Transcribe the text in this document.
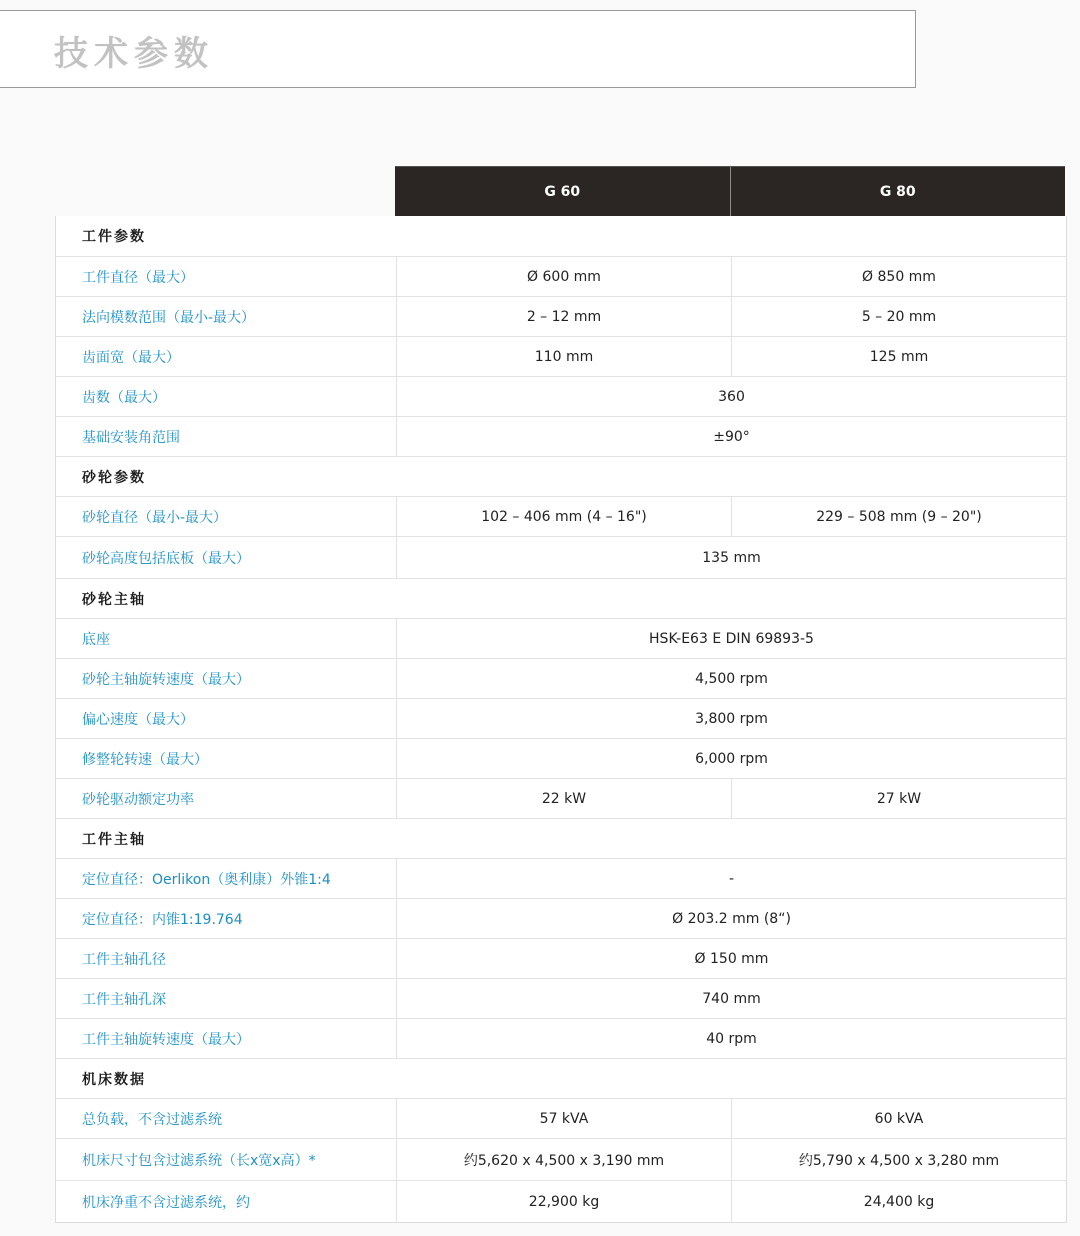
技术参数
G 60	G 80
工件参数
工件直径（最大）	Ø 600 mm	Ø 850 mm
法向模数范围（最小-最大）	2 – 12 mm	5 – 20 mm
齿面宽（最大）	110 mm	125 mm
齿数（最大）	360
基础安装角范围	±90°
砂轮参数
砂轮直径（最小-最大）	102 – 406 mm (4 – 16")	229 – 508 mm (9 – 20")
砂轮高度包括底板（最大）	135 mm
砂轮主轴
底座	HSK-E63 E DIN 69893-5
砂轮主轴旋转速度（最大）	4,500 rpm
偏心速度（最大）	3,800 rpm
修整轮转速（最大）	6,000 rpm
砂轮驱动额定功率	22 kW	27 kW
工件主轴
定位直径：Oerlikon（奥利康）外锥1:4	-
定位直径：内锥1:19.764	Ø 203.2 mm (8“)
工件主轴孔径	Ø 150 mm
工件主轴孔深	740 mm
工件主轴旋转速度（最大）	40 rpm
机床数据
总负载，不含过滤系统	57 kVA	60 kVA
机床尺寸包含过滤系统（长x宽x高）*	约5,620 x 4,500 x 3,190 mm	约5,790 x 4,500 x 3,280 mm
机床净重不含过滤系统，约	22,900 kg	24,400 kg
